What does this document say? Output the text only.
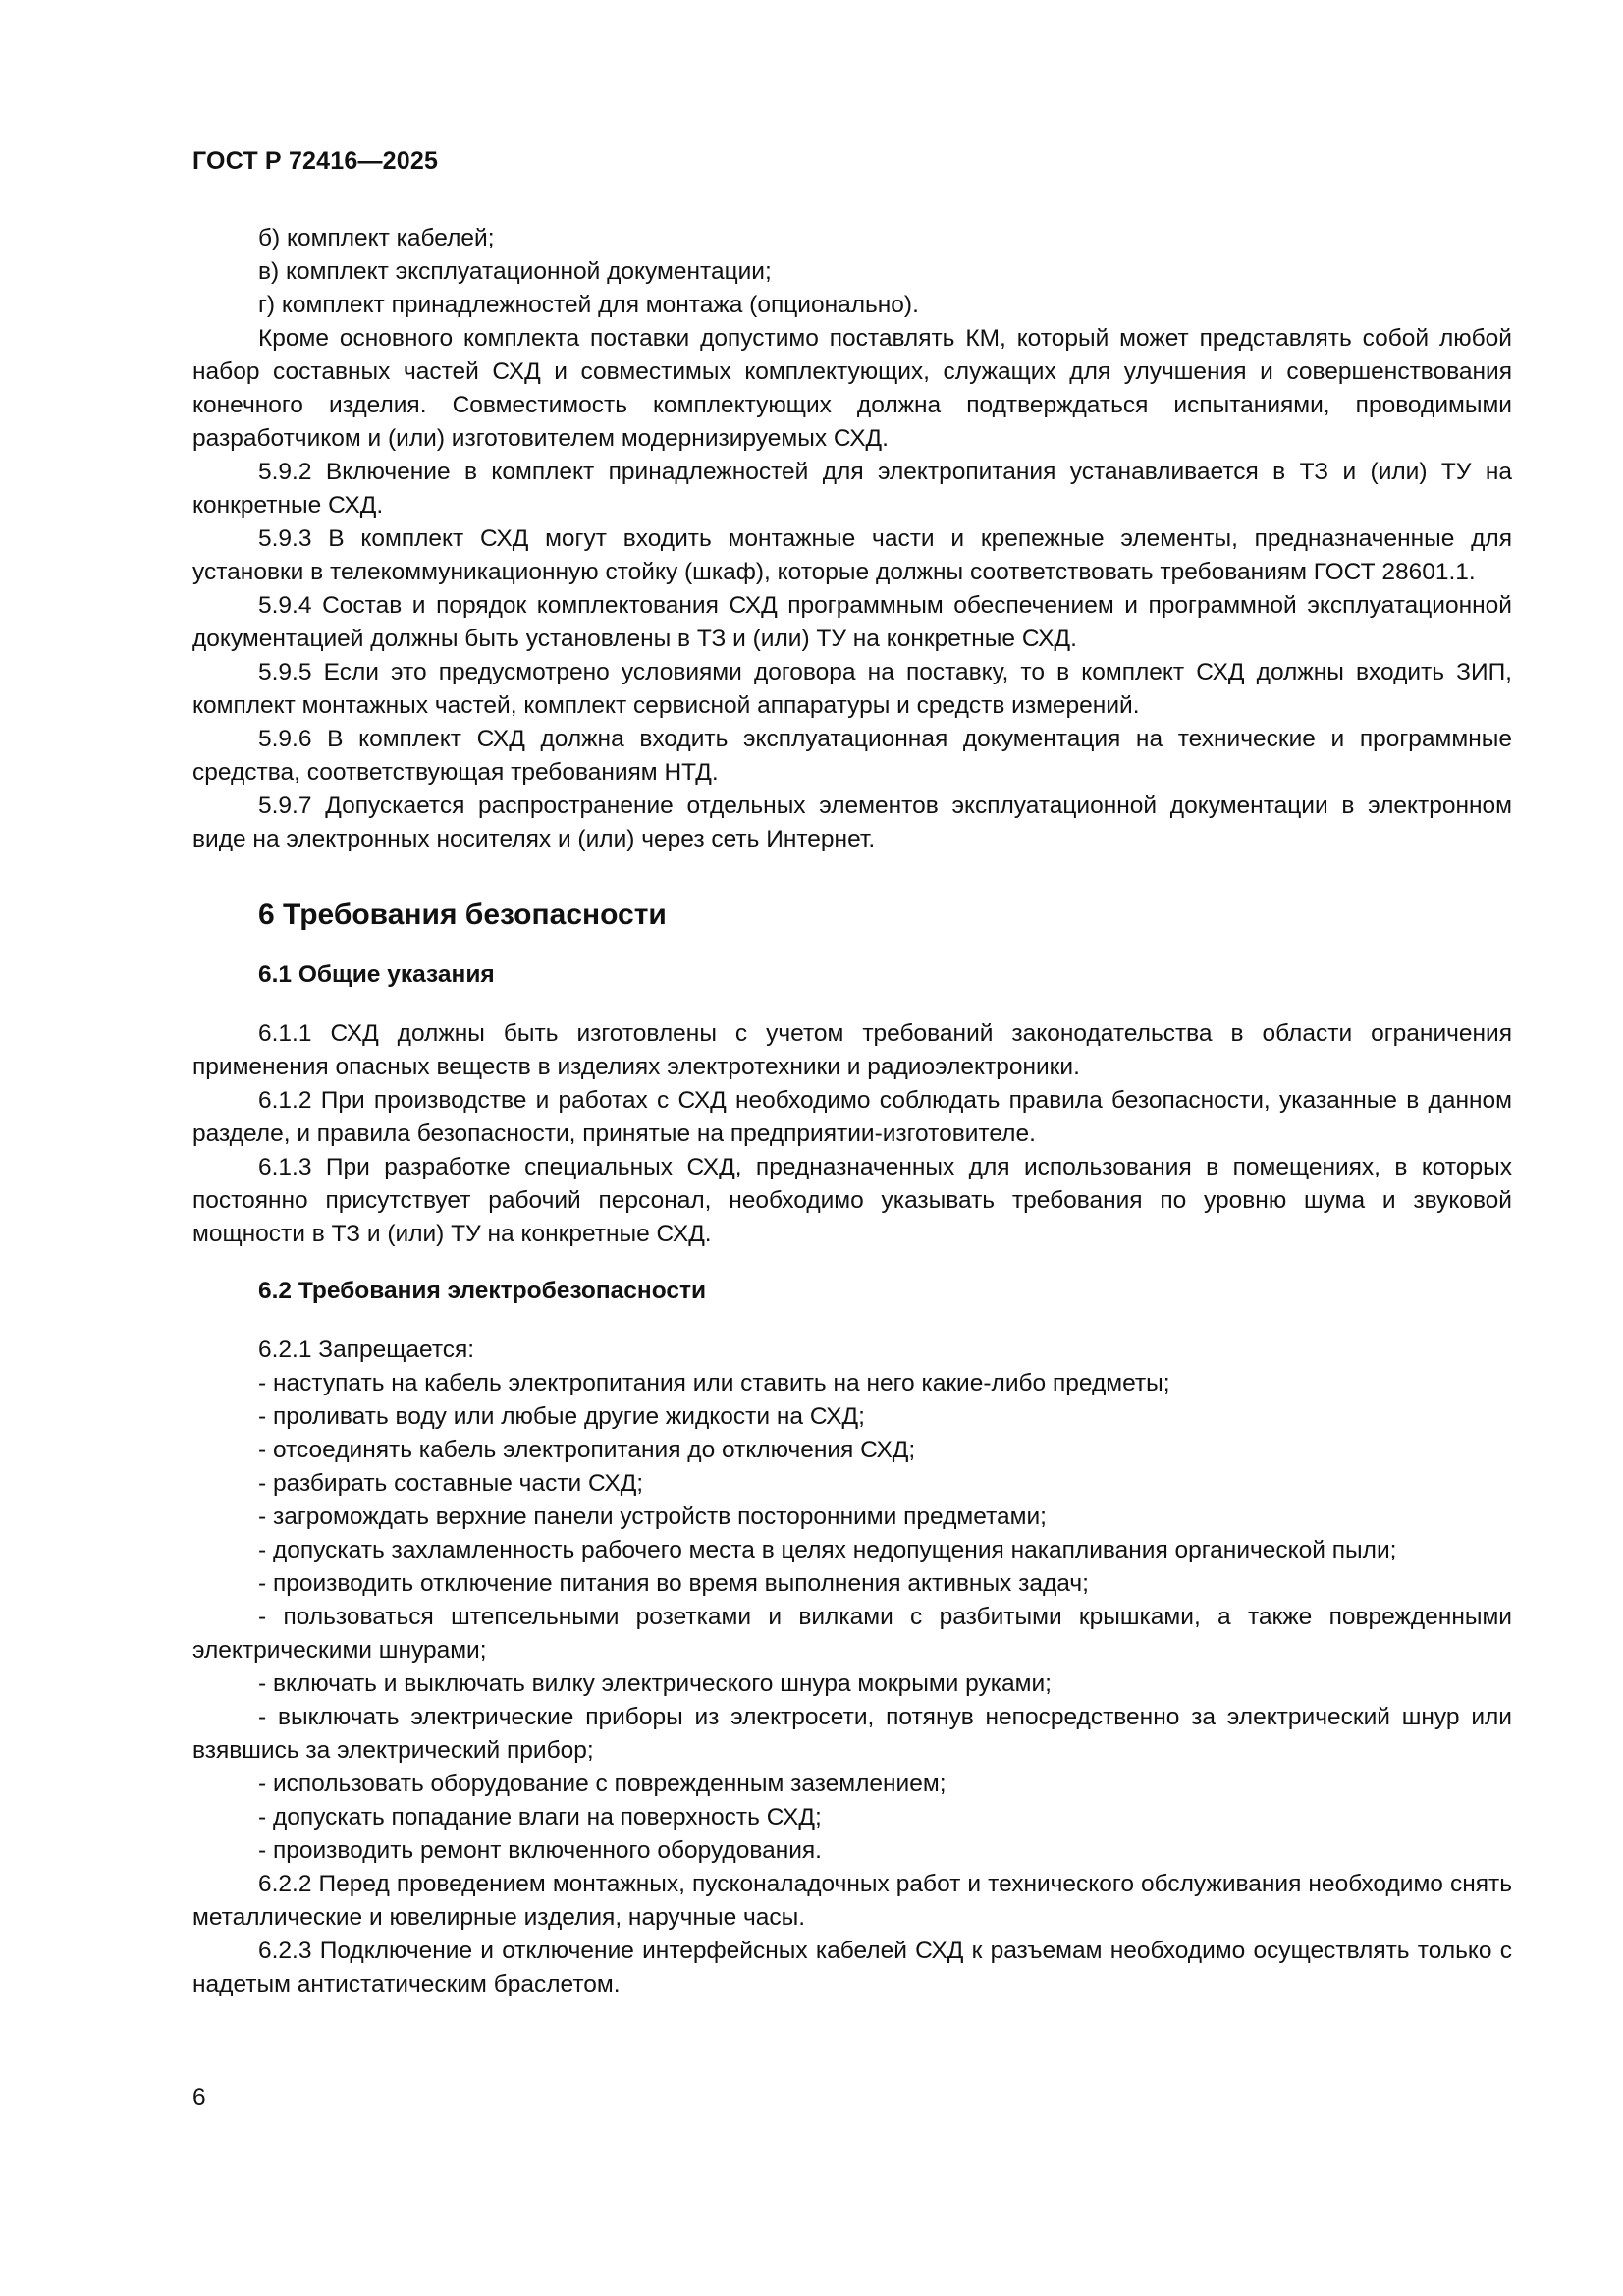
ГОСТ Р 72416—2025

б) комплект кабелей;

в) комплект эксплуатационной документации;

г) комплект принадлежностей для монтажа (опционально).

Кроме основного комплекта поставки допустимо поставлять КМ, который может представлять собой любой набор составных частей СХД и совместимых комплектующих, служащих для улучшения и совершенствования конечного изделия. Совместимость комплектующих должна подтверждаться испытаниями, проводимыми разработчиком и (или) изготовителем модернизируемых СХД.

5.9.2 Включение в комплект принадлежностей для электропитания устанавливается в ТЗ и (или) ТУ на конкретные СХД.

5.9.3 В комплект СХД могут входить монтажные части и крепежные элементы, предназначенные для установки в телекоммуникационную стойку (шкаф), которые должны соответствовать требованиям ГОСТ 28601.1.

5.9.4 Состав и порядок комплектования СХД программным обеспечением и программной эксплуатационной документацией должны быть установлены в ТЗ и (или) ТУ на конкретные СХД.

5.9.5 Если это предусмотрено условиями договора на поставку, то в комплект СХД должны входить ЗИП, комплект монтажных частей, комплект сервисной аппаратуры и средств измерений.

5.9.6 В комплект СХД должна входить эксплуатационная документация на технические и программные средства, соответствующая требованиям НТД.

5.9.7 Допускается распространение отдельных элементов эксплуатационной документации в электронном виде на электронных носителях и (или) через сеть Интернет.

6 Требования безопасности
6.1 Общие указания

6.1.1 СХД должны быть изготовлены с учетом требований законодательства в области ограничения применения опасных веществ в изделиях электротехники и радиоэлектроники.

6.1.2 При производстве и работах с СХД необходимо соблюдать правила безопасности, указанные в данном разделе, и правила безопасности, принятые на предприятии-изготовителе.

6.1.3 При разработке специальных СХД, предназначенных для использования в помещениях, в которых постоянно присутствует рабочий персонал, необходимо указывать требования по уровню шума и звуковой мощности в ТЗ и (или) ТУ на конкретные СХД.

6.2 Требования электробезопасности

6.2.1 Запрещается:

- наступать на кабель электропитания или ставить на него какие-либо предметы;

- проливать воду или любые другие жидкости на СХД;

- отсоединять кабель электропитания до отключения СХД;

- разбирать составные части СХД;

- загромождать верхние панели устройств посторонними предметами;

- допускать захламленность рабочего места в целях недопущения накапливания органической пыли;

- производить отключение питания во время выполнения активных задач;

- пользоваться штепсельными розетками и вилками с разбитыми крышками, а также поврежденными электрическими шнурами;

- включать и выключать вилку электрического шнура мокрыми руками;

- выключать электрические приборы из электросети, потянув непосредственно за электрический шнур или взявшись за электрический прибор;

- использовать оборудование с поврежденным заземлением;

- допускать попадание влаги на поверхность СХД;

- производить ремонт включенного оборудования.

6.2.2 Перед проведением монтажных, пусконаладочных работ и технического обслуживания необходимо снять металлические и ювелирные изделия, наручные часы.

6.2.3 Подключение и отключение интерфейсных кабелей СХД к разъемам необходимо осуществлять только с надетым антистатическим браслетом.

6
